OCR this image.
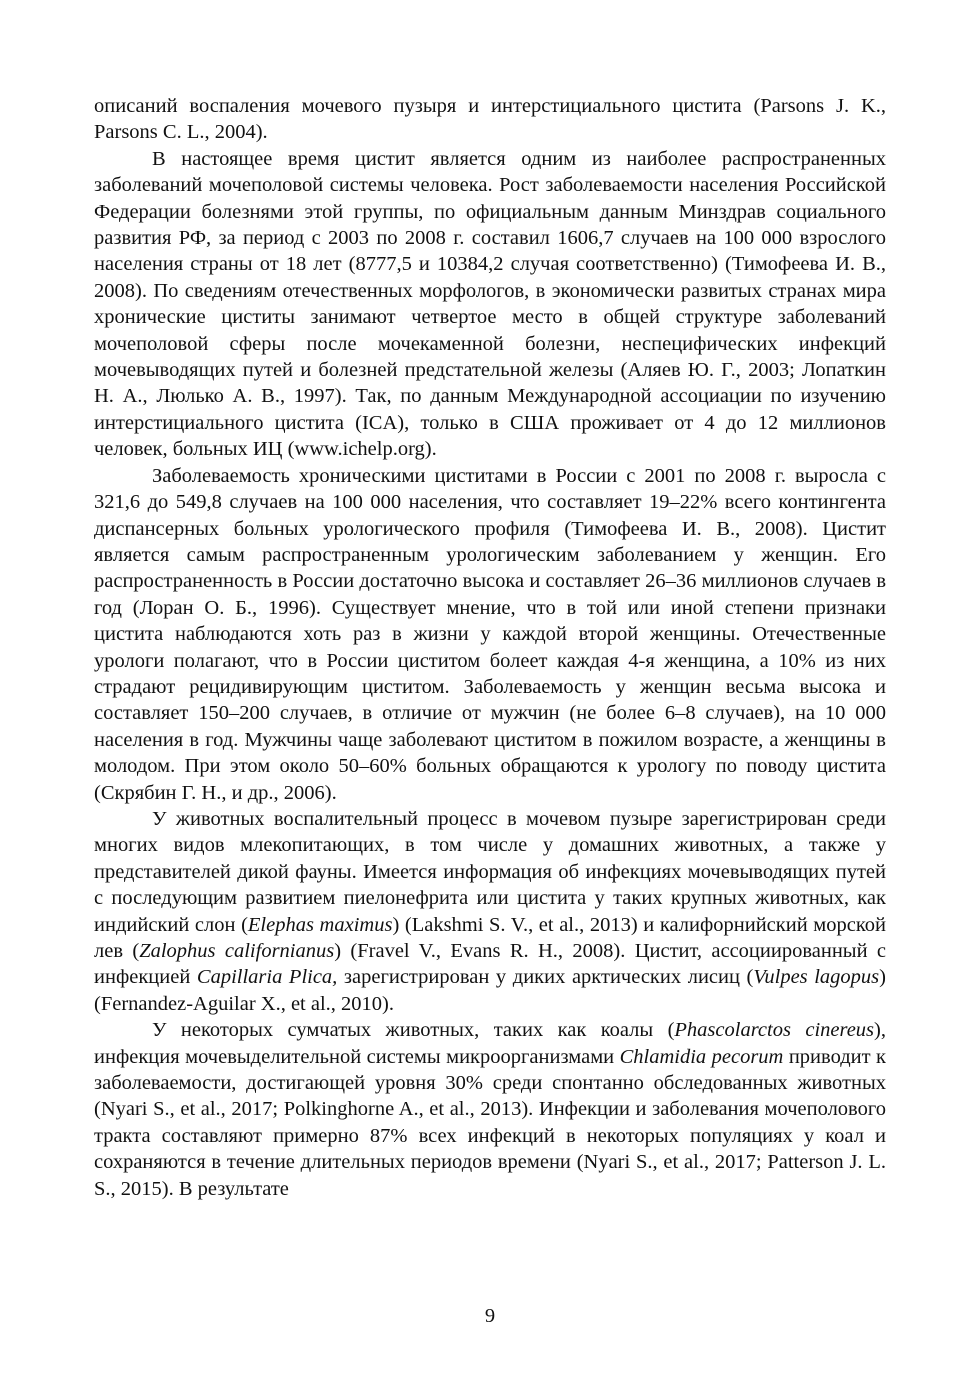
описаний воспаления мочевого пузыря и интерстициального цистита (Parsons J. K., Parsons C. L., 2004).

В настоящее время цистит является одним из наиболее распространенных заболеваний мочеполовой системы человека. Рост заболеваемости населения Российской Федерации болезнями этой группы, по официальным данным Минздрав социального развития РФ, за период с 2003 по 2008 г. составил 1606,7 случаев на 100 000 взрослого населения страны от 18 лет (8777,5 и 10384,2 случая соответственно) (Тимофеева И. В., 2008). По сведениям отечественных морфологов, в экономически развитых странах мира хронические циститы занимают четвертое место в общей структуре заболеваний мочеполовой сферы после мочекаменной болезни, неспецифических инфекций мочевыводящих путей и болезней предстательной железы (Аляев Ю. Г., 2003; Лопаткин Н. А., Люлько А. В., 1997). Так, по данным Международной ассоциации по изучению интерстициального цистита (ICA), только в США проживает от 4 до 12 миллионов человек, больных ИЦ (www.ichelp.org).

Заболеваемость хроническими циститами в России с 2001 по 2008 г. выросла с 321,6 до 549,8 случаев на 100 000 населения, что составляет 19–22% всего контингента диспансерных больных урологического профиля (Тимофеева И. В., 2008). Цистит является самым распространенным урологическим заболеванием у женщин. Его распространенность в России достаточно высока и составляет 26–36 миллионов случаев в год (Лоран О. Б., 1996). Существует мнение, что в той или иной степени признаки цистита наблюдаются хоть раз в жизни у каждой второй женщины. Отечественные урологи полагают, что в России циститом болеет каждая 4-я женщина, а 10% из них страдают рецидивирующим циститом. Заболеваемость у женщин весьма высока и составляет 150–200 случаев, в отличие от мужчин (не более 6–8 случаев), на 10 000 населения в год. Мужчины чаще заболевают циститом в пожилом возрасте, а женщины в молодом. При этом около 50–60% больных обращаются к урологу по поводу цистита (Скрябин Г. Н., и др., 2006).

У животных воспалительный процесс в мочевом пузыре зарегистрирован среди многих видов млекопитающих, в том числе у домашних животных, а также у представителей дикой фауны. Имеется информация об инфекциях мочевыводящих путей с последующим развитием пиелонефрита или цистита у таких крупных животных, как индийский слон (Elephas maximus) (Lakshmi S. V., et al., 2013) и калифорнийский морской лев (Zalophus californianus) (Fravel V., Evans R. H., 2008). Цистит, ассоциированный с инфекцией Capillaria Plica, зарегистрирован у диких арктических лисиц (Vulpes lagopus) (Fernandez-Aguilar X., et al., 2010).

У некоторых сумчатых животных, таких как коалы (Phascolarctos cinereus), инфекция мочевыделительной системы микроорганизмами Chlamidia pecorum приводит к заболеваемости, достигающей уровня 30% среди спонтанно обследованных животных (Nyari S., et al., 2017; Polkinghorne A., et al., 2013). Инфекции и заболевания мочеполового тракта составляют примерно 87% всех инфекций в некоторых популяциях у коал и сохраняются в течение длительных периодов времени (Nyari S., et al., 2017; Patterson J. L. S., 2015). В результате

9
